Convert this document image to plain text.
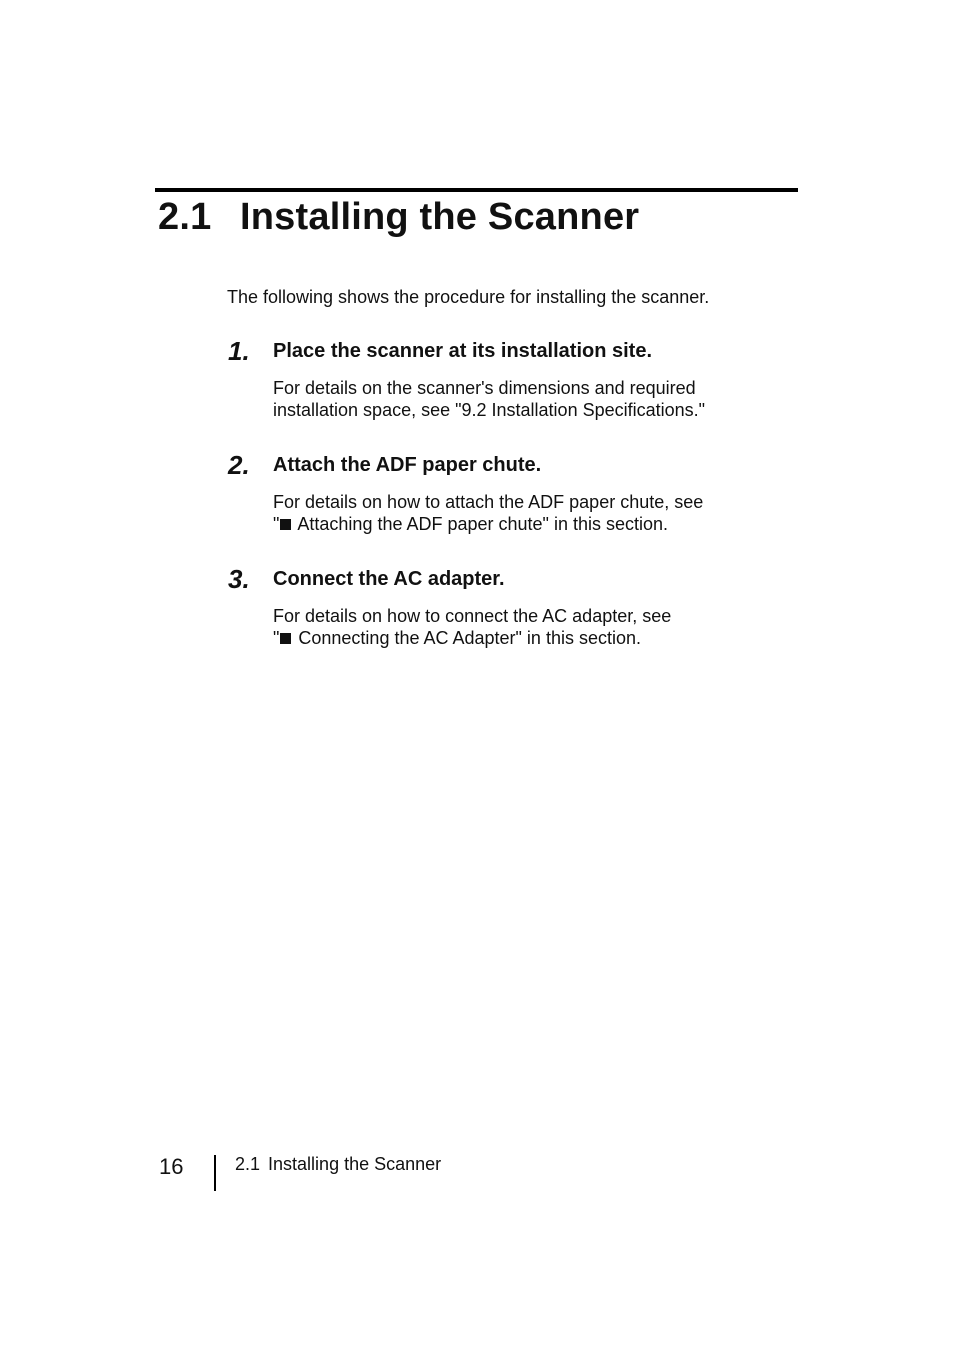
2.1 Installing the Scanner
The following shows the procedure for installing the scanner.
1. Place the scanner at its installation site.
For details on the scanner's dimensions and required
installation space, see "9.2 Installation Specifications."
2. Attach the ADF paper chute.
For details on how to attach the ADF paper chute, see
" Attaching the ADF paper chute" in this section.
3. Connect the AC adapter.
For details on how to connect the AC adapter, see
" Connecting the AC Adapter" in this section.
16	2.1 Installing the Scanner
